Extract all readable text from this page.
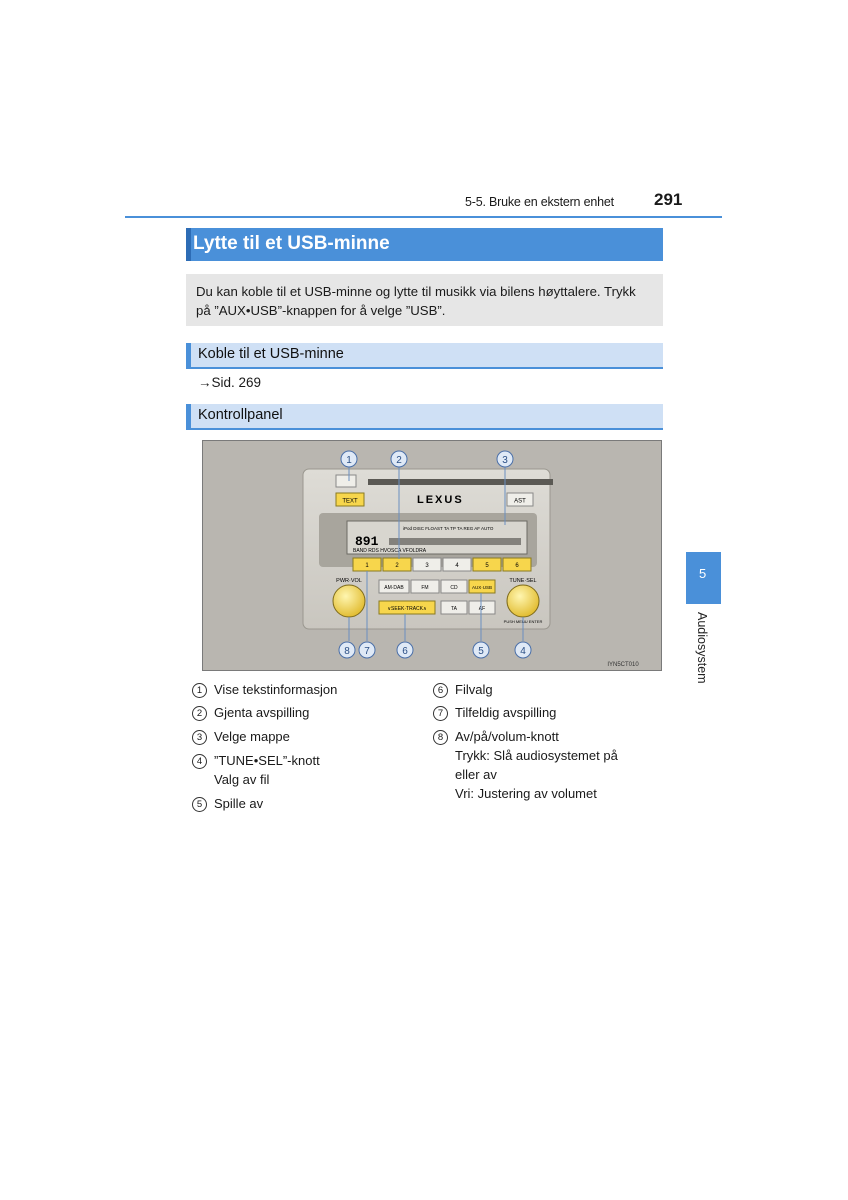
5-5. Bruke en ekstern enhet 291
Lytte til et USB-minne
Du kan koble til et USB-minne og lytte til musikk via bilens høyttalere. Trykk på ”AUX•USB”-knappen for å velge ”USB”.
Koble til et USB-minne
→Sid. 269
Kontrollpanel
TEXT	LEXUS	AST
iPod DISC FLOAST TA TP TA REG AF AUTO
891
BAND RDS HVOSCA VFOLDRA
1	2	3	4	5	6
PWR·VOL	TUNE·SEL
PUSH MENU ENTER
AM·DAB	FM	CD	AUX·USB
∨SEEK·TRACK∧	TA	AF
1	2	3
4
5
6
7
8
IYN5CT010
1 Vise tekstinformasjon
2 Gjenta avspilling
3 Velge mappe
4 ”TUNE•SEL”-knott
Valg av fil
5 Spille av
6 Filvalg
7 Tilfeldig avspilling
8 Av/på/volum-knott
Trykk: Slå audiosystemet på
eller av
Vri: Justering av volumet
5
Audiosystem
